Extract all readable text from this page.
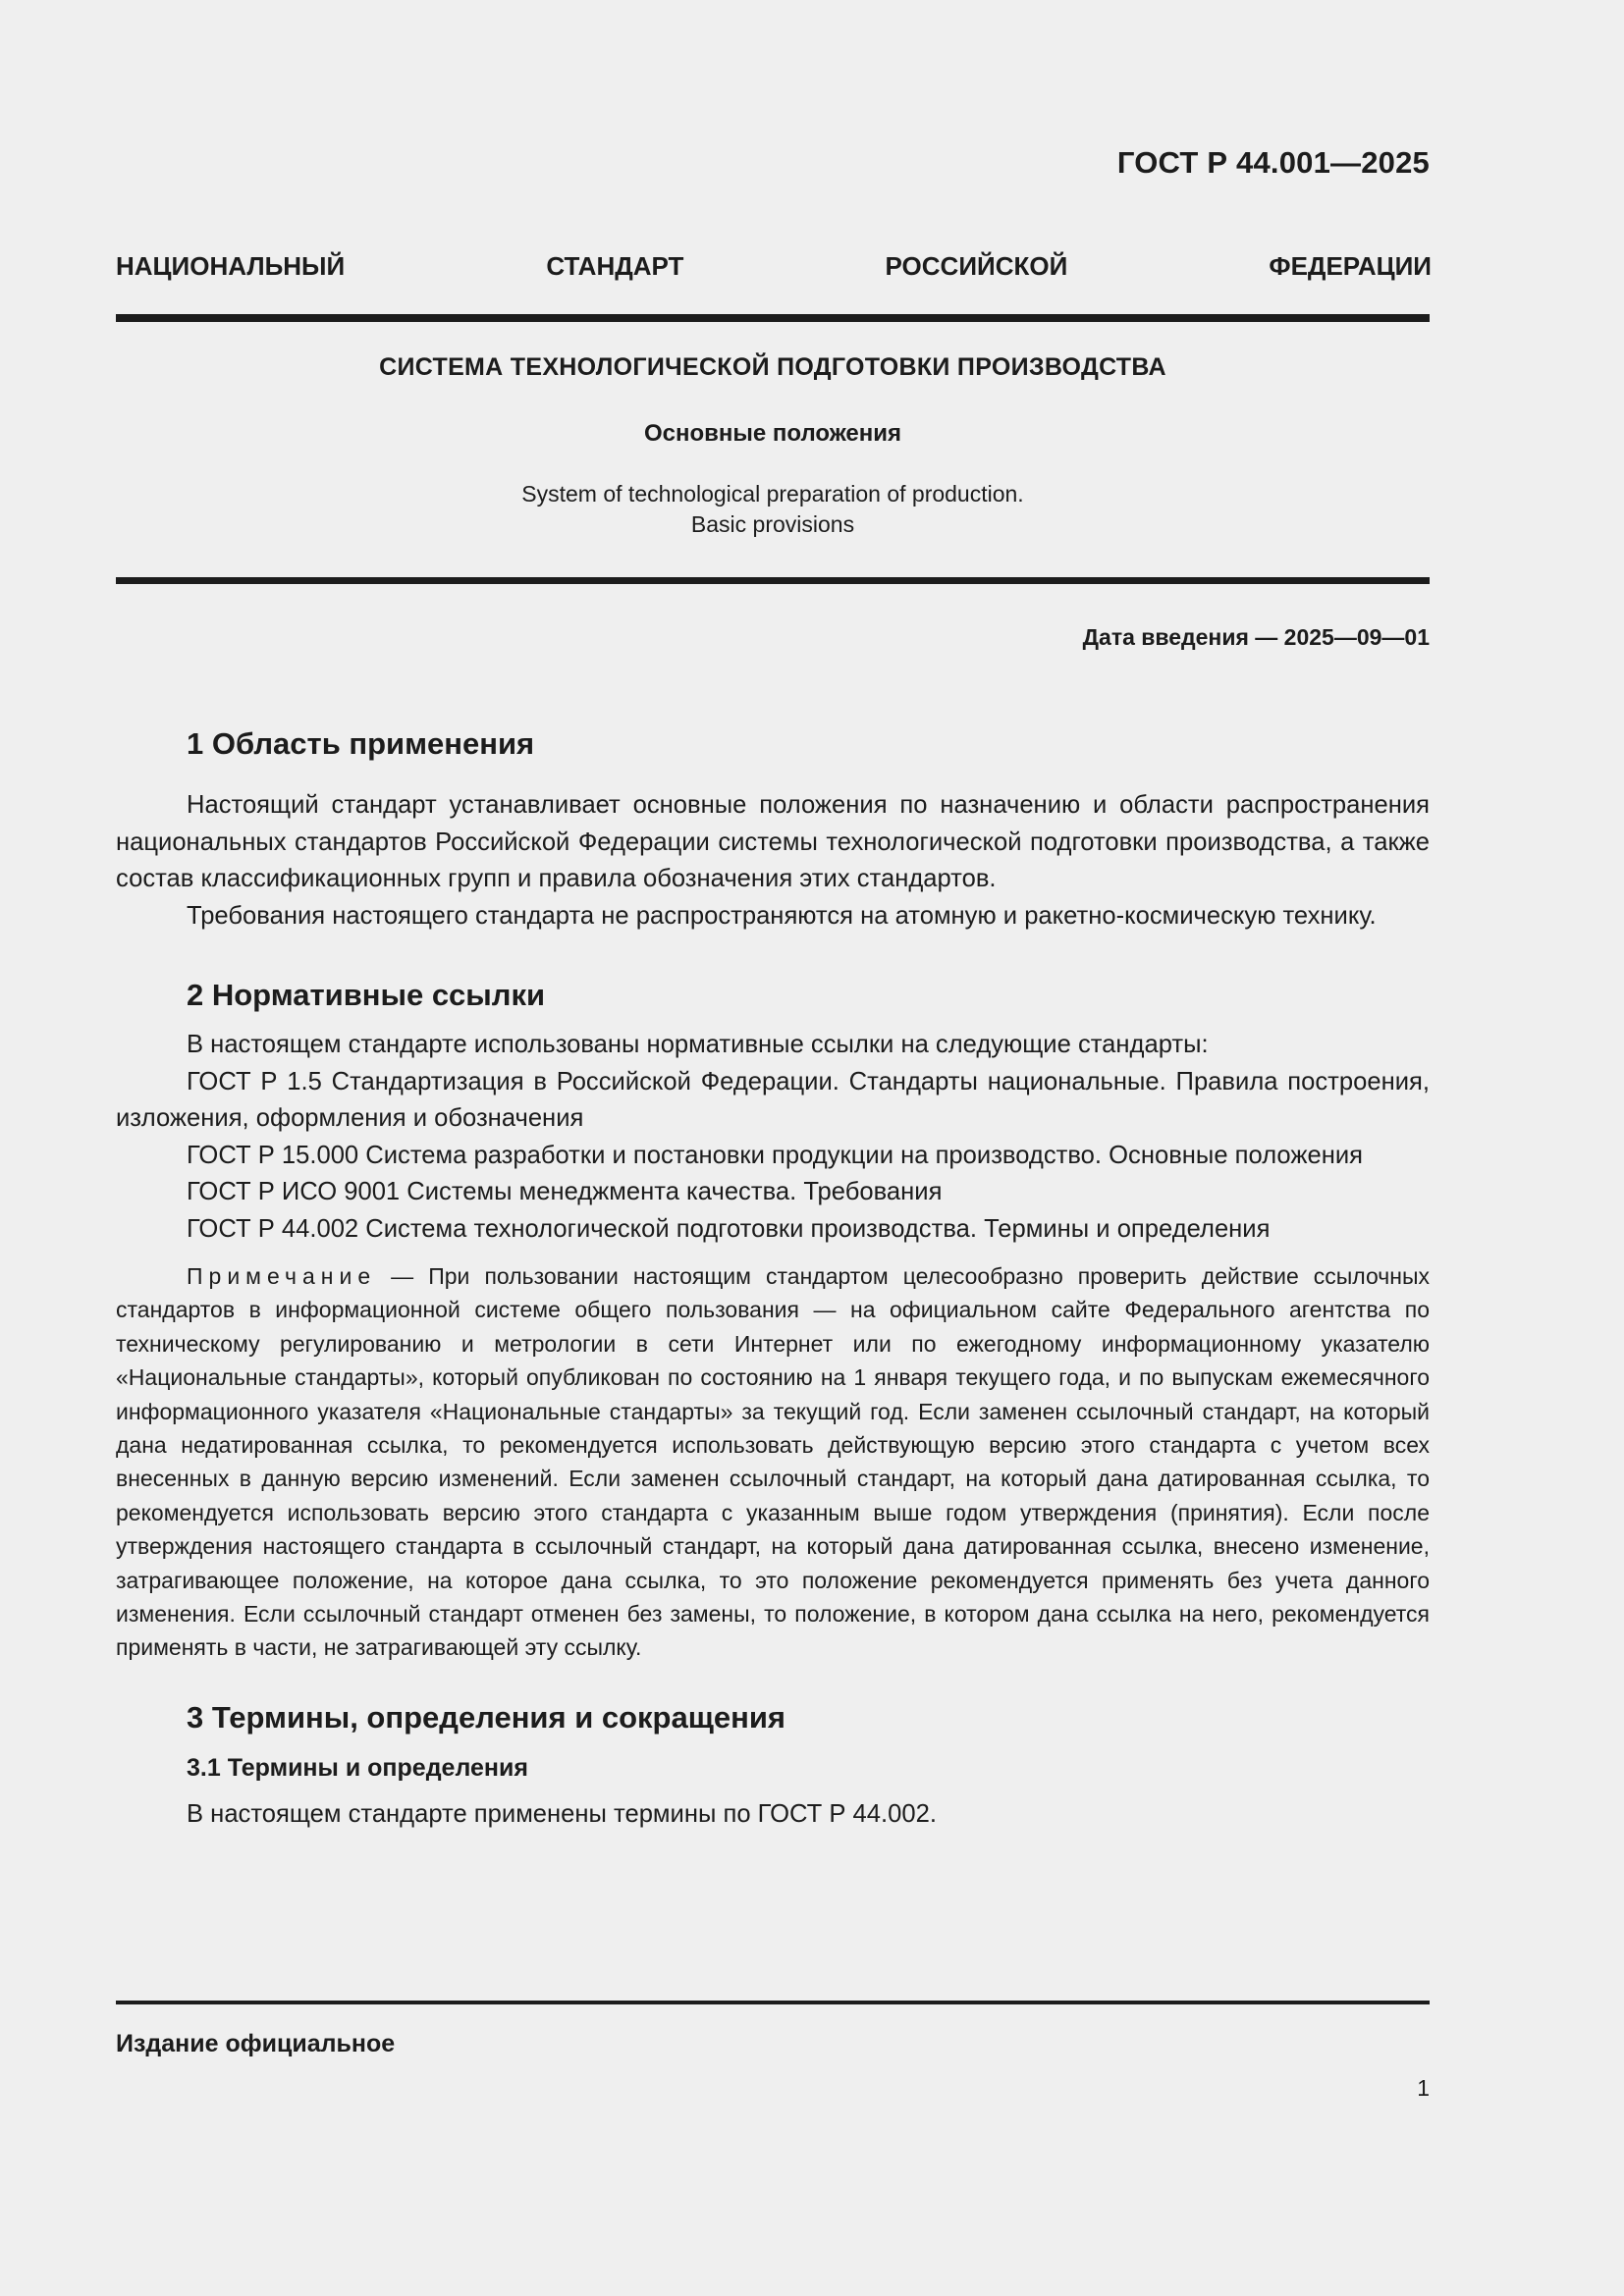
ГОСТ Р 44.001—2025
НАЦИОНАЛЬНЫЙ	СТАНДАРТ	РОССИЙСКОЙ	ФЕДЕРАЦИИ
СИСТЕМА ТЕХНОЛОГИЧЕСКОЙ ПОДГОТОВКИ ПРОИЗВОДСТВА
Основные положения
System of technological preparation of production.
Basic provisions
Дата введения — 2025—09—01
1 Область применения

Настоящий стандарт устанавливает основные положения по назначению и области распространения национальных стандартов Российской Федерации системы технологической подготовки производства, а также состав классификационных групп и правила обозначения этих стандартов.

Требования настоящего стандарта не распространяются на атомную и ракетно-космическую технику.

2 Нормативные ссылки

В настоящем стандарте использованы нормативные ссылки на следующие стандарты:

ГОСТ Р 1.5 Стандартизация в Российской Федерации. Стандарты национальные. Правила построения, изложения, оформления и обозначения

ГОСТ Р 15.000 Система разработки и постановки продукции на производство. Основные положения

ГОСТ Р ИСО 9001 Системы менеджмента качества. Требования

ГОСТ Р 44.002 Система технологической подготовки производства. Термины и определения

Примечание — При пользовании настоящим стандартом целесообразно проверить действие ссылочных стандартов в информационной системе общего пользования — на официальном сайте Федерального агентства по техническому регулированию и метрологии в сети Интернет или по ежегодному информационному указателю «Национальные стандарты», который опубликован по состоянию на 1 января текущего года, и по выпускам ежемесячного информационного указателя «Национальные стандарты» за текущий год. Если заменен ссылочный стандарт, на который дана недатированная ссылка, то рекомендуется использовать действующую версию этого стандарта с учетом всех внесенных в данную версию изменений. Если заменен ссылочный стандарт, на который дана датированная ссылка, то рекомендуется использовать версию этого стандарта с указанным выше годом утверждения (принятия). Если после утверждения настоящего стандарта в ссылочный стандарт, на который дана датированная ссылка, внесено изменение, затрагивающее положение, на которое дана ссылка, то это положение рекомендуется применять без учета данного изменения. Если ссылочный стандарт отменен без замены, то положение, в котором дана ссылка на него, рекомендуется применять в части, не затрагивающей эту ссылку.

3 Термины, определения и сокращения
3.1 Термины и определения

В настоящем стандарте применены термины по ГОСТ Р 44.002.

Издание официальное
1
